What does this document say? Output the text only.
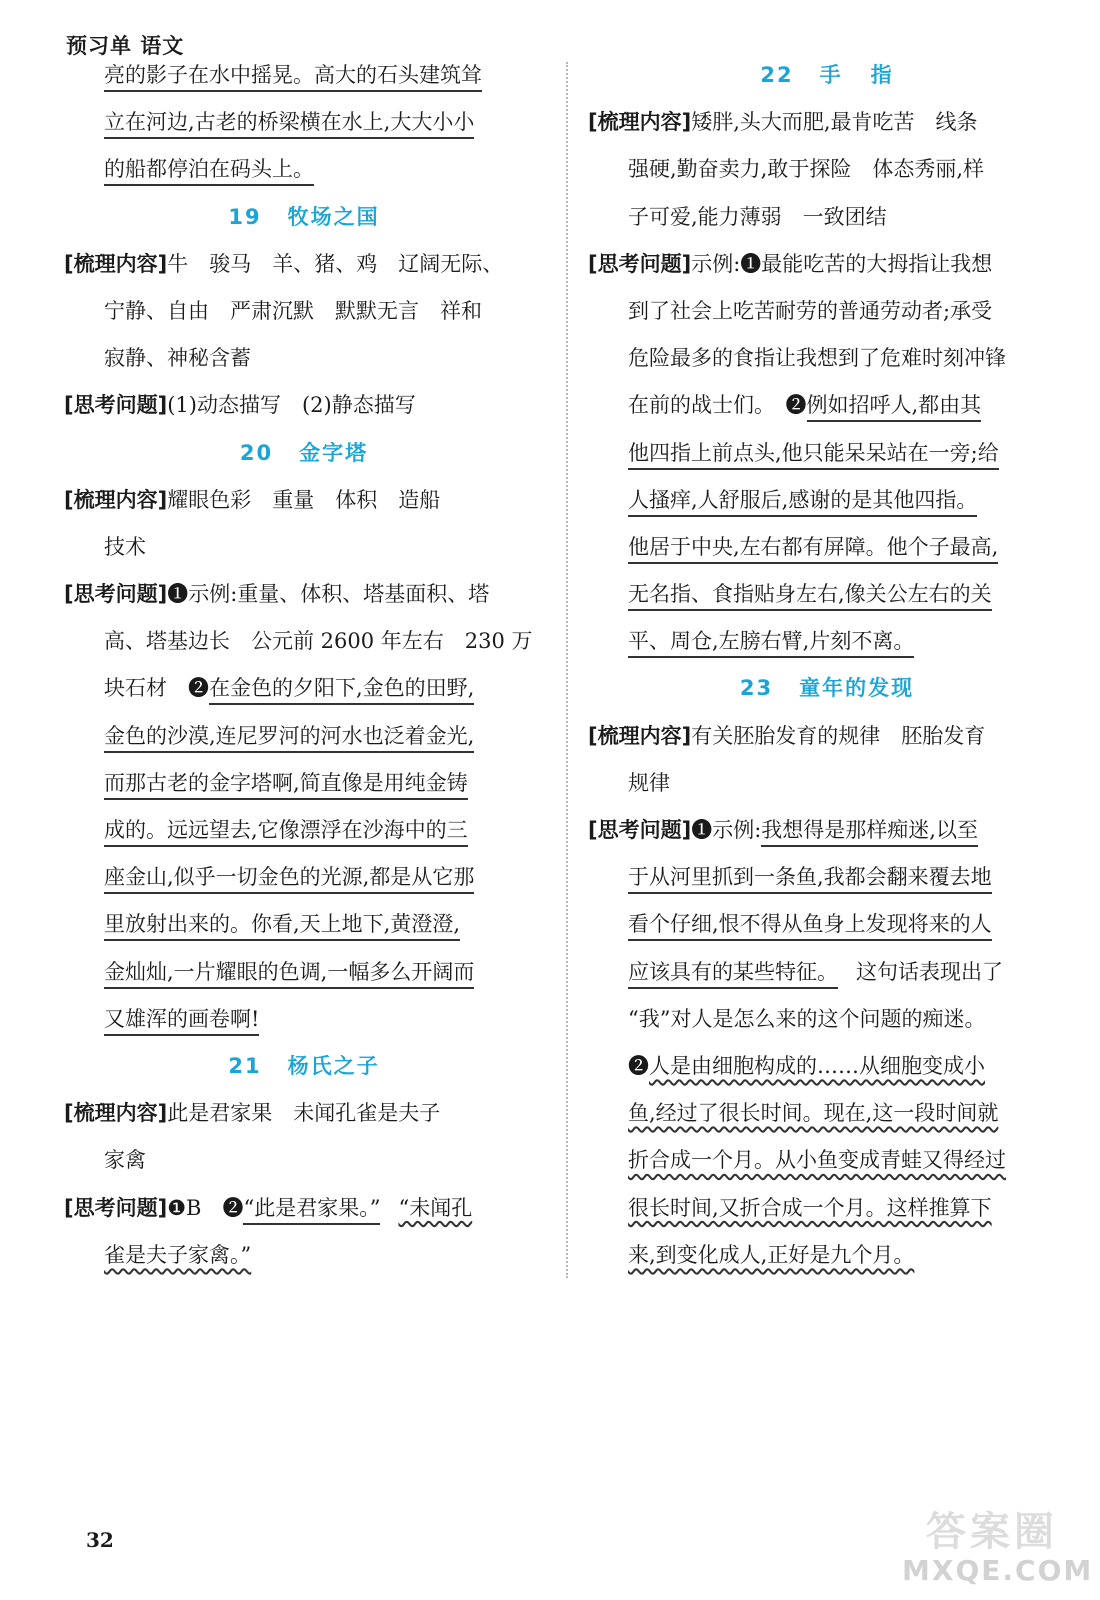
预习单 语文
亮的影子在水中摇晃。高大的石头建筑耸
立在河边,古老的桥梁横在水上,大大小小
的船都停泊在码头上。
19 牧场之国
[梳理内容]牛　骏马　羊、猪、鸡　辽阔无际、
宁静、自由　严肃沉默　默默无言　祥和
寂静、神秘含蓄
[思考问题](1)动态描写　(2)静态描写
20 金字塔
[梳理内容]耀眼色彩　重量　体积　造船
技术
[思考问题]❶示例:重量、体积、塔基面积、塔
高、塔基边长　公元前 2600 年左右　230 万
块石材　❷在金色的夕阳下,金色的田野,
金色的沙漠,连尼罗河的河水也泛着金光,
而那古老的金字塔啊,简直像是用纯金铸
成的。远远望去,它像漂浮在沙海中的三
座金山,似乎一切金色的光源,都是从它那
里放射出来的。你看,天上地下,黄澄澄,
金灿灿,一片耀眼的色调,一幅多么开阔而
又雄浑的画卷啊!
21 杨氏之子
[梳理内容]此是君家果　未闻孔雀是夫子
家禽
[思考问题]❶B　❷“此是君家果。” “未闻孔
雀是夫子家禽。”
22 手 指
[梳理内容]矮胖,头大而肥,最肯吃苦　线条
强硬,勤奋卖力,敢于探险　体态秀丽,样
子可爱,能力薄弱　一致团结
[思考问题]示例:❶最能吃苦的大拇指让我想
到了社会上吃苦耐劳的普通劳动者;承受
危险最多的食指让我想到了危难时刻冲锋
在前的战士们。　❷例如招呼人,都由其
他四指上前点头,他只能呆呆站在一旁;给
人搔痒,人舒服后,感谢的是其他四指。
他居于中央,左右都有屏障。他个子最高,
无名指、食指贴身左右,像关公左右的关
平、周仓,左膀右臂,片刻不离。
23 童年的发现
[梳理内容]有关胚胎发育的规律　胚胎发育
规律
[思考问题]❶示例:我想得是那样痴迷,以至
于从河里抓到一条鱼,我都会翻来覆去地
看个仔细,恨不得从鱼身上发现将来的人
应该具有的某些特征。 这句话表现出了
“我”对人是怎么来的这个问题的痴迷。
❷人是由细胞构成的……从细胞变成小
鱼,经过了很长时间。现在,这一段时间就
折合成一个月。从小鱼变成青蛙又得经过
很长时间,又折合成一个月。这样推算下
来,到变化成人,正好是九个月。
32	答案圈
MXQE.COM
